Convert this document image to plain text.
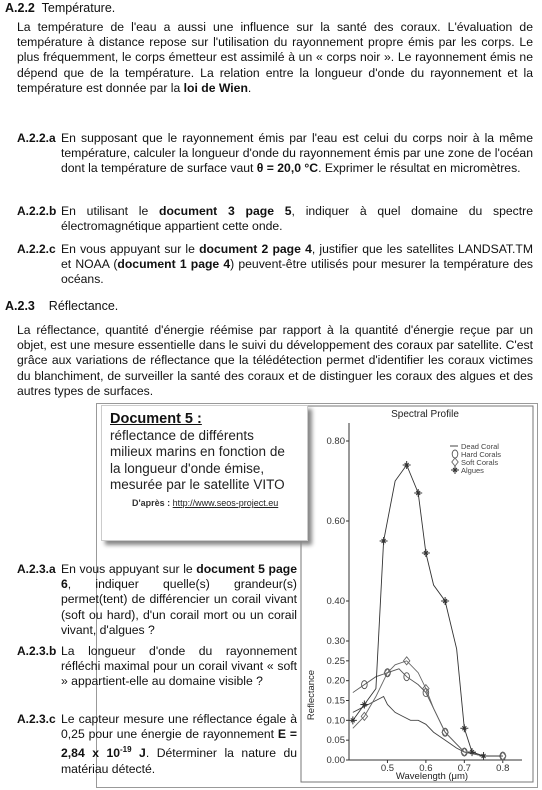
A.2.2 Température.
La température de l'eau a aussi une influence sur la santé des coraux. L'évaluation de température à distance repose sur l'utilisation du rayonnement propre émis par les corps. Le plus fréquemment, le corps émetteur est assimilé à un « corps noir ». Le rayonnement émis ne dépend que de la température. La relation entre la longueur d'onde du rayonnement et la température est donnée par la loi de Wien.
A.2.2.a En supposant que le rayonnement émis par l'eau est celui du corps noir à la même température, calculer la longueur d'onde du rayonnement émis par une zone de l'océan dont la température de surface vaut θ = 20,0 °C. Exprimer le résultat en micromètres.
A.2.2.b En utilisant le document 3 page 5, indiquer à quel domaine du spectre électromagnétique appartient cette onde.
A.2.2.c En vous appuyant sur le document 2 page 4, justifier que les satellites LANDSAT.TM et NOAA (document 1 page 4) peuvent-être utilisés pour mesurer la température des océans.
A.2.3 Réflectance.
La réflectance, quantité d'énergie réémise par rapport à la quantité d'énergie reçue par un objet, est une mesure essentielle dans le suivi du développement des coraux par satellite. C'est grâce aux variations de réflectance que la télédétection permet d'identifier les coraux victimes du blanchiment, de surveiller la santé des coraux et de distinguer les coraux des algues et des autres types de surfaces.
Spectral Profile
0.00
0.05
0.10
0.15
0.20
0.25
0.30
0.40
0.60
0.80
0.5	0.6	0.7	0.8
Wavelength (μm)
Reflectance
Dead Coral
Hard Corals
Soft Corals
Algues
Document 5 :
réflectance de différents milieux marins en fonction de la longueur d'onde émise, mesurée par le satellite VITO
D'après : http://www.seos-project.eu
A.2.3.a En vous appuyant sur le document 5 page 6, indiquer quelle(s) grandeur(s) permet(tent) de différencier un corail vivant (soft ou hard), d'un corail mort ou un corail vivant, d'algues ?
A.2.3.b La longueur d'onde du rayonnement réfléchi maximal pour un corail vivant « soft » appartient-elle au domaine visible ?
A.2.3.c Le capteur mesure une réflectance égale à 0,25 pour une énergie de rayonnement E = 2,84 x $10^{-19}$ J. Déterminer la nature du matériau détecté.
